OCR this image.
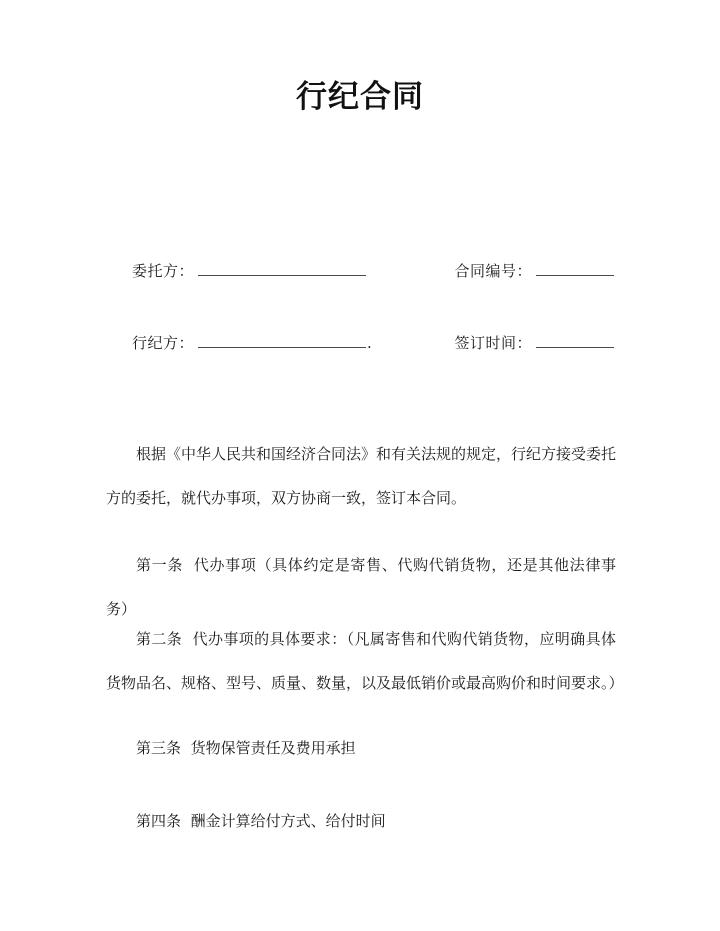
行纪合同
委托方：	合同编号：
行纪方：	.	签订时间：

根据《中华人民共和国经济合同法》和有关法规的规定，行纪方接受委托方的委托，就代办事项，双方协商一致，签订本合同。

第一条 代办事项（具体约定是寄售、代购代销货物，还是其他法律事务）

第二条 代办事项的具体要求：（凡属寄售和代购代销货物，应明确具体货物品名、规格、型号、质量、数量，以及最低销价或最高购价和时间要求。）

第三条 货物保管责任及费用承担

第四条 酬金计算给付方式、给付时间
